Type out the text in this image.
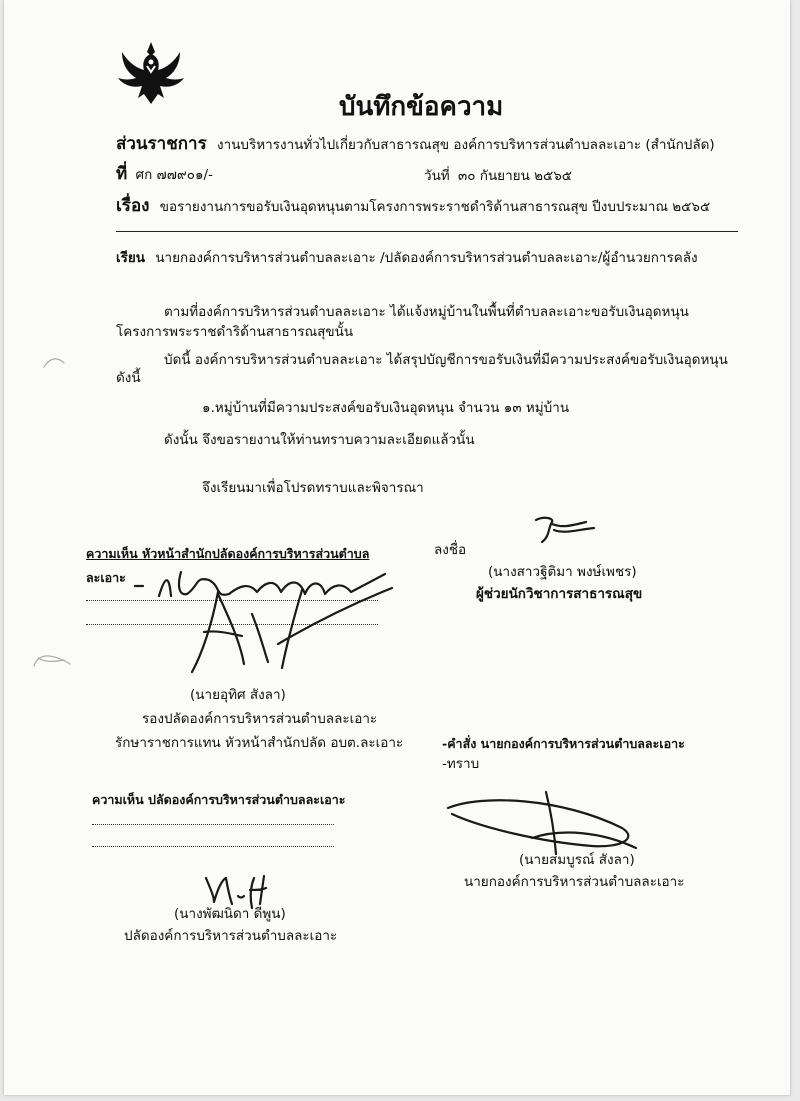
บันทึกข้อความ
ส่วนราชการ งานบริหารงานทั่วไปเกี่ยวกับสาธารณสุข องค์การบริหารส่วนตำบลละเอาะ (สำนักปลัด)
ที่ ศก ๗๗๙๐๑/-	วันที่ ๓๐ กันยายน ๒๕๖๕
เรื่อง ขอรายงานการขอรับเงินอุดหนุนตามโครงการพระราชดำริด้านสาธารณสุข ปีงบประมาณ ๒๕๖๕
เรียน นายกองค์การบริหารส่วนตำบลละเอาะ /ปลัดองค์การบริหารส่วนตำบลละเอาะ/ผู้อำนวยการคลัง
ตามที่องค์การบริหารส่วนตำบลละเอาะ ได้แจ้งหมู่บ้านในพื้นที่ตำบลละเอาะขอรับเงินอุดหนุน
โครงการพระราชดำริด้านสาธารณสุขนั้น
บัดนี้ องค์การบริหารส่วนตำบลละเอาะ ได้สรุปบัญชีการขอรับเงินที่มีความประสงค์ขอรับเงินอุดหนุน
ดังนี้
๑.หมู่บ้านที่มีความประสงค์ขอรับเงินอุดหนุน จำนวน ๑๓ หมู่บ้าน
ดังนั้น จึงขอรายงานให้ท่านทราบความละเอียดแล้วนั้น
จึงเรียนมาเพื่อโปรดทราบและพิจารณา
ลงชื่อ
(นางสาวฐิติมา พงษ์เพชร)
ผู้ช่วยนักวิชาการสาธารณสุข
ความเห็น หัวหน้าสำนักปลัดองค์การบริหารส่วนตำบล
ละเอาะ
(นายอุทิศ สังลา)
รองปลัดองค์การบริหารส่วนตำบลละเอาะ
รักษาราชการแทน หัวหน้าสำนักปลัด อบต.ละเอาะ	-คำสั่ง นายกองค์การบริหารส่วนตำบลละเอาะ
-ทราบ
(นายสมบูรณ์ สังลา)
นายกองค์การบริหารส่วนตำบลละเอาะ
ความเห็น ปลัดองค์การบริหารส่วนตำบลละเอาะ
(นางพัฒนิดา ดีพูน)
ปลัดองค์การบริหารส่วนตำบลละเอาะ
